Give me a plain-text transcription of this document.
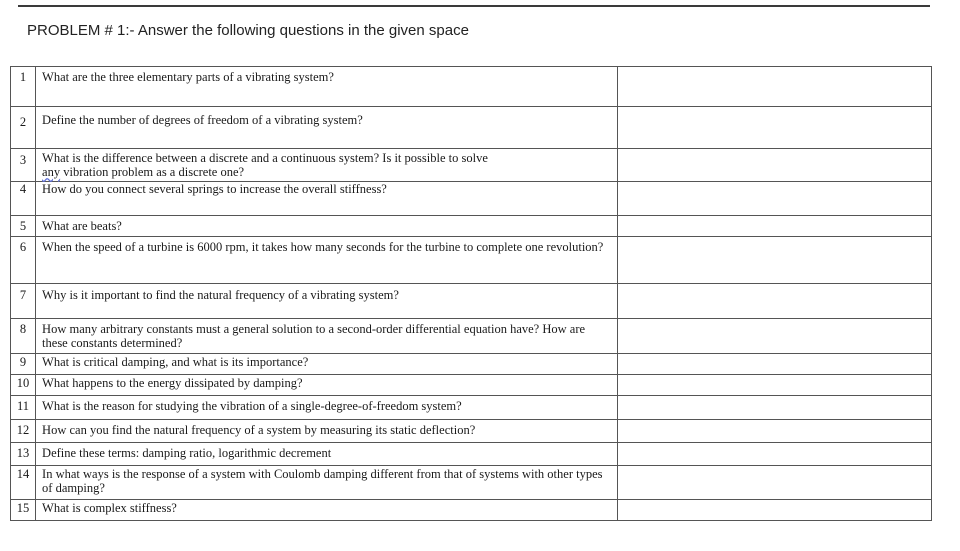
PROBLEM # 1:- Answer the following questions in the given space
1	What are the three elementary parts of a vibrating system?	
2	Define the number of degrees of freedom of a vibrating system?	
3	What is the difference between a discrete and a continuous system? Is it possible to solve
any vibration problem as a discrete one?	
4	How do you connect several springs to increase the overall stiffness?	
5	What are beats?	
6	When the speed of a turbine is 6000 rpm, it takes how many seconds for the turbine to complete one revolution?	
7	Why is it important to find the natural frequency of a vibrating system?	
8	How many arbitrary constants must a general solution to a second-order differential equation have? How are these constants determined?	
9	What is critical damping, and what is its importance?	
10	What happens to the energy dissipated by damping?	
11	What is the reason for studying the vibration of a single-degree-of-freedom system?	
12	How can you find the natural frequency of a system by measuring its static deflection?	
13	Define these terms: damping ratio, logarithmic decrement	
14	In what ways is the response of a system with Coulomb damping different from that of systems with other types of damping?	
15	What is complex stiffness?	
